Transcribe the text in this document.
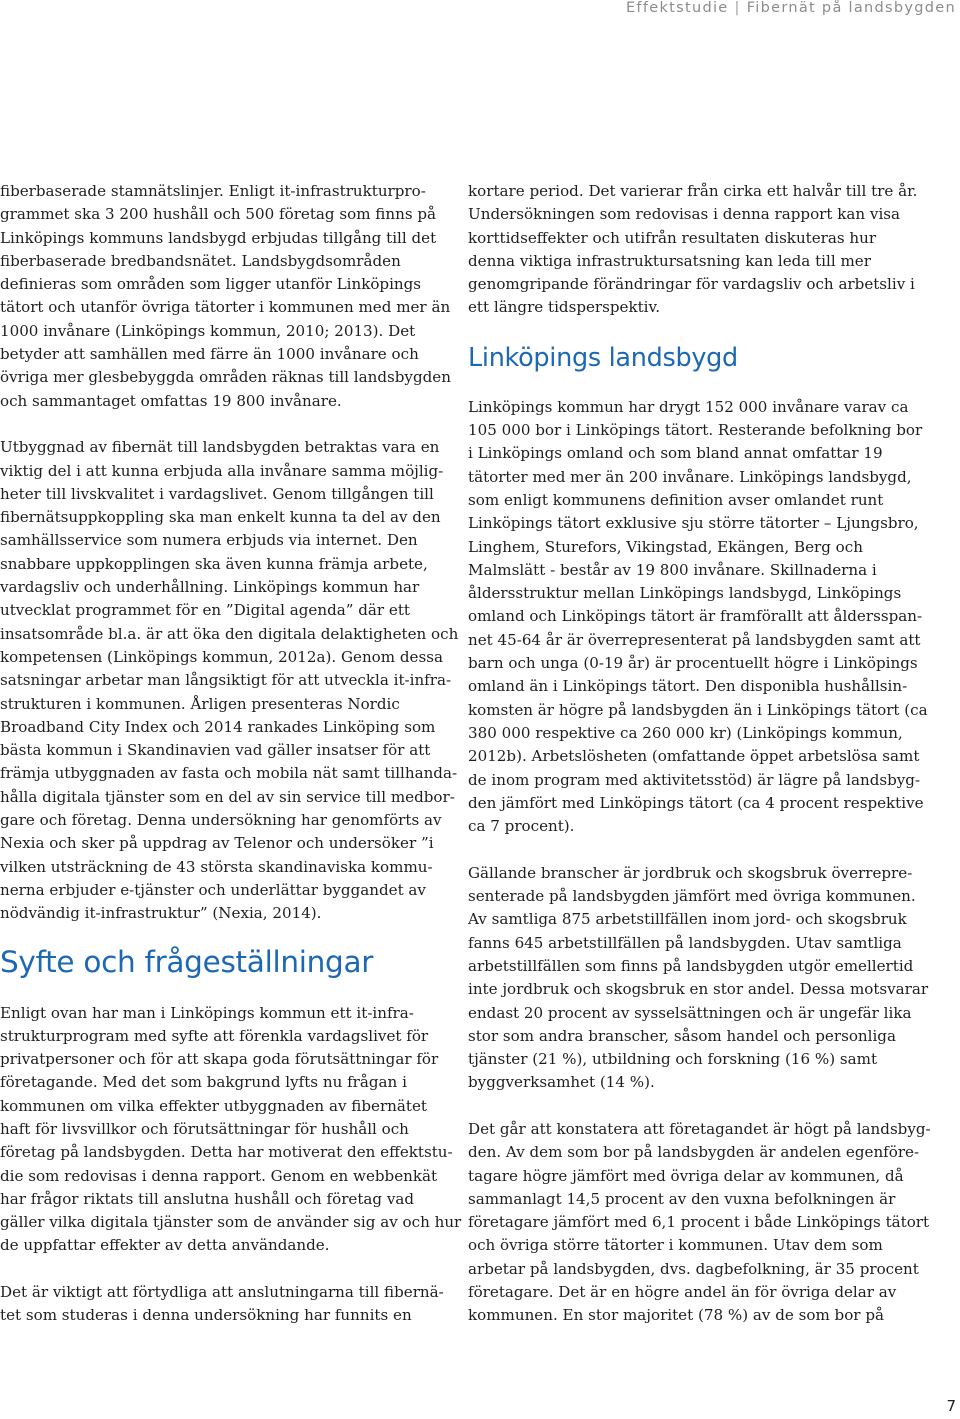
Effektstudie | Fibernät på landsbygden
fiberbaserade stamnätslinjer. Enligt it-infrastrukturpro-
grammet ska 3 200 hushåll och 500 företag som finns på
Linköpings kommuns landsbygd erbjudas tillgång till det
fiberbaserade bredbandsnätet. Landsbygdsområden
definieras som områden som ligger utanför Linköpings
tätort och utanför övriga tätorter i kommunen med mer än
1000 invånare (Linköpings kommun, 2010; 2013). Det
betyder att samhällen med färre än 1000 invånare och
övriga mer glesbebyggda områden räknas till landsbygden
och sammantaget omfattas 19 800 invånare.
Utbyggnad av fibernät till landsbygden betraktas vara en
viktig del i att kunna erbjuda alla invånare samma möjlig-
heter till livskvalitet i vardagslivet. Genom tillgången till
fibernätsuppkoppling ska man enkelt kunna ta del av den
samhällsservice som numera erbjuds via internet. Den
snabbare uppkopplingen ska även kunna främja arbete,
vardagsliv och underhållning. Linköpings kommun har
utvecklat programmet för en ”Digital agenda” där ett
insatsområde bl.a. är att öka den digitala delaktigheten och
kompetensen (Linköpings kommun, 2012a). Genom dessa
satsningar arbetar man långsiktigt för att utveckla it-infra-
strukturen i kommunen. Årligen presenteras Nordic
Broadband City Index och 2014 rankades Linköping som
bästa kommun i Skandinavien vad gäller insatser för att
främja utbyggnaden av fasta och mobila nät samt tillhanda-
hålla digitala tjänster som en del av sin service till medbor-
gare och företag. Denna undersökning har genomförts av
Nexia och sker på uppdrag av Telenor och undersöker ”i
vilken utsträckning de 43 största skandinaviska kommu-
nerna erbjuder e-tjänster och underlättar byggandet av
nödvändig it-infrastruktur” (Nexia, 2014).
Syfte och frågeställningar
Enligt ovan har man i Linköpings kommun ett it-infra-
strukturprogram med syfte att förenkla vardagslivet för
privatpersoner och för att skapa goda förutsättningar för
företagande. Med det som bakgrund lyfts nu frågan i
kommunen om vilka effekter utbyggnaden av fibernätet
haft för livsvillkor och förutsättningar för hushåll och
företag på landsbygden. Detta har motiverat den effektstu-
die som redovisas i denna rapport. Genom en webbenkät
har frågor riktats till anslutna hushåll och företag vad
gäller vilka digitala tjänster som de använder sig av och hur
de uppfattar effekter av detta användande.
Det är viktigt att förtydliga att anslutningarna till fibernä-
tet som studeras i denna undersökning har funnits en
kortare period. Det varierar från cirka ett halvår till tre år.
Undersökningen som redovisas i denna rapport kan visa
korttidseffekter och utifrån resultaten diskuteras hur
denna viktiga infrastruktursatsning kan leda till mer
genomgripande förändringar för vardagsliv och arbetsliv i
ett längre tidsperspektiv.
Linköpings landsbygd
Linköpings kommun har drygt 152 000 invånare varav ca
105 000 bor i Linköpings tätort. Resterande befolkning bor
i Linköpings omland och som bland annat omfattar 19
tätorter med mer än 200 invånare. Linköpings landsbygd,
som enligt kommunens definition avser omlandet runt
Linköpings tätort exklusive sju större tätorter – Ljungsbro,
Linghem, Sturefors, Vikingstad, Ekängen, Berg och
Malmslätt - består av 19 800 invånare. Skillnaderna i
åldersstruktur mellan Linköpings landsbygd, Linköpings
omland och Linköpings tätort är framförallt att åldersspan-
net 45-64 år är överrepresenterat på landsbygden samt att
barn och unga (0-19 år) är procentuellt högre i Linköpings
omland än i Linköpings tätort. Den disponibla hushållsin-
komsten är högre på landsbygden än i Linköpings tätort (ca
380 000 respektive ca 260 000 kr) (Linköpings kommun,
2012b). Arbetslösheten (omfattande öppet arbetslösa samt
de inom program med aktivitetsstöd) är lägre på landsbyg-
den jämfört med Linköpings tätort (ca 4 procent respektive
ca 7 procent).
Gällande branscher är jordbruk och skogsbruk överrepre-
senterade på landsbygden jämfört med övriga kommunen.
Av samtliga 875 arbetstillfällen inom jord- och skogsbruk
fanns 645 arbetstillfällen på landsbygden. Utav samtliga
arbetstillfällen som finns på landsbygden utgör emellertid
inte jordbruk och skogsbruk en stor andel. Dessa motsvarar
endast 20 procent av sysselsättningen och är ungefär lika
stor som andra branscher, såsom handel och personliga
tjänster (21 %), utbildning och forskning (16 %) samt
byggverksamhet (14 %).
Det går att konstatera att företagandet är högt på landsbyg-
den. Av dem som bor på landsbygden är andelen egenföre-
tagare högre jämfört med övriga delar av kommunen, då
sammanlagt 14,5 procent av den vuxna befolkningen är
företagare jämfört med 6,1 procent i både Linköpings tätort
och övriga större tätorter i kommunen. Utav dem som
arbetar på landsbygden, dvs. dagbefolkning, är 35 procent
företagare. Det är en högre andel än för övriga delar av
kommunen. En stor majoritet (78 %) av de som bor på
7
